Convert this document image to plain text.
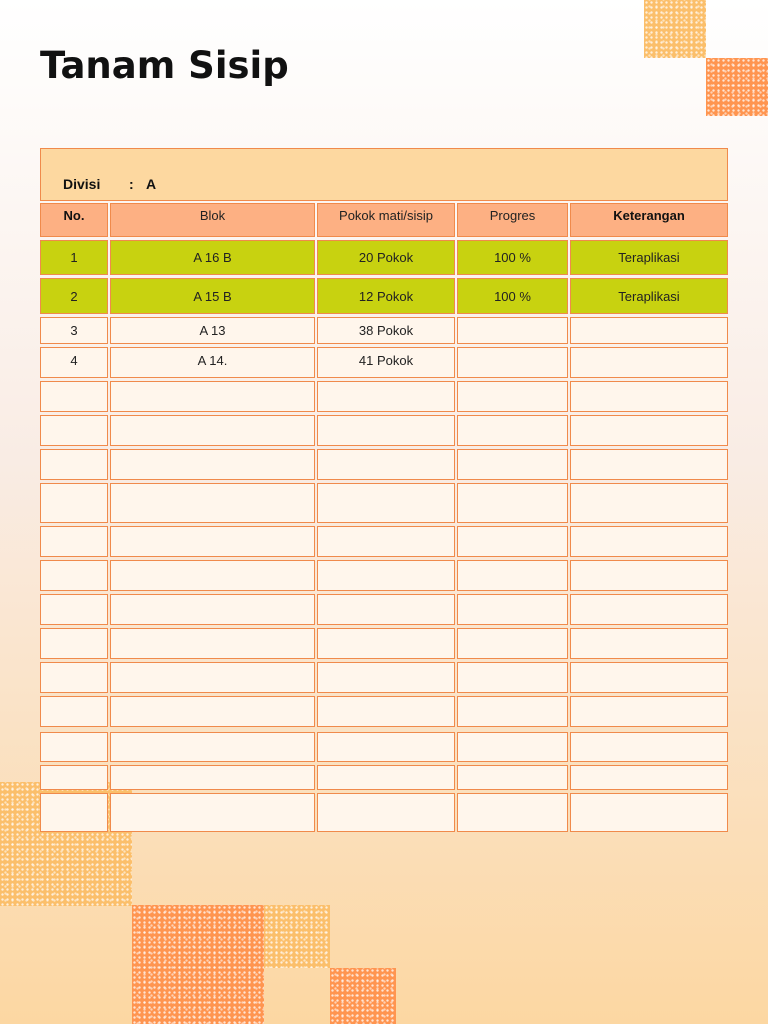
Tanam Sisip
Divisi : A
No.	Blok	Pokok mati/sisip	Progres	Keterangan
1	A 16 B	20 Pokok	100 %	Teraplikasi
2	A 15 B	12 Pokok	100 %	Teraplikasi
3	A 13	38 Pokok
4	A 14.	41 Pokok
